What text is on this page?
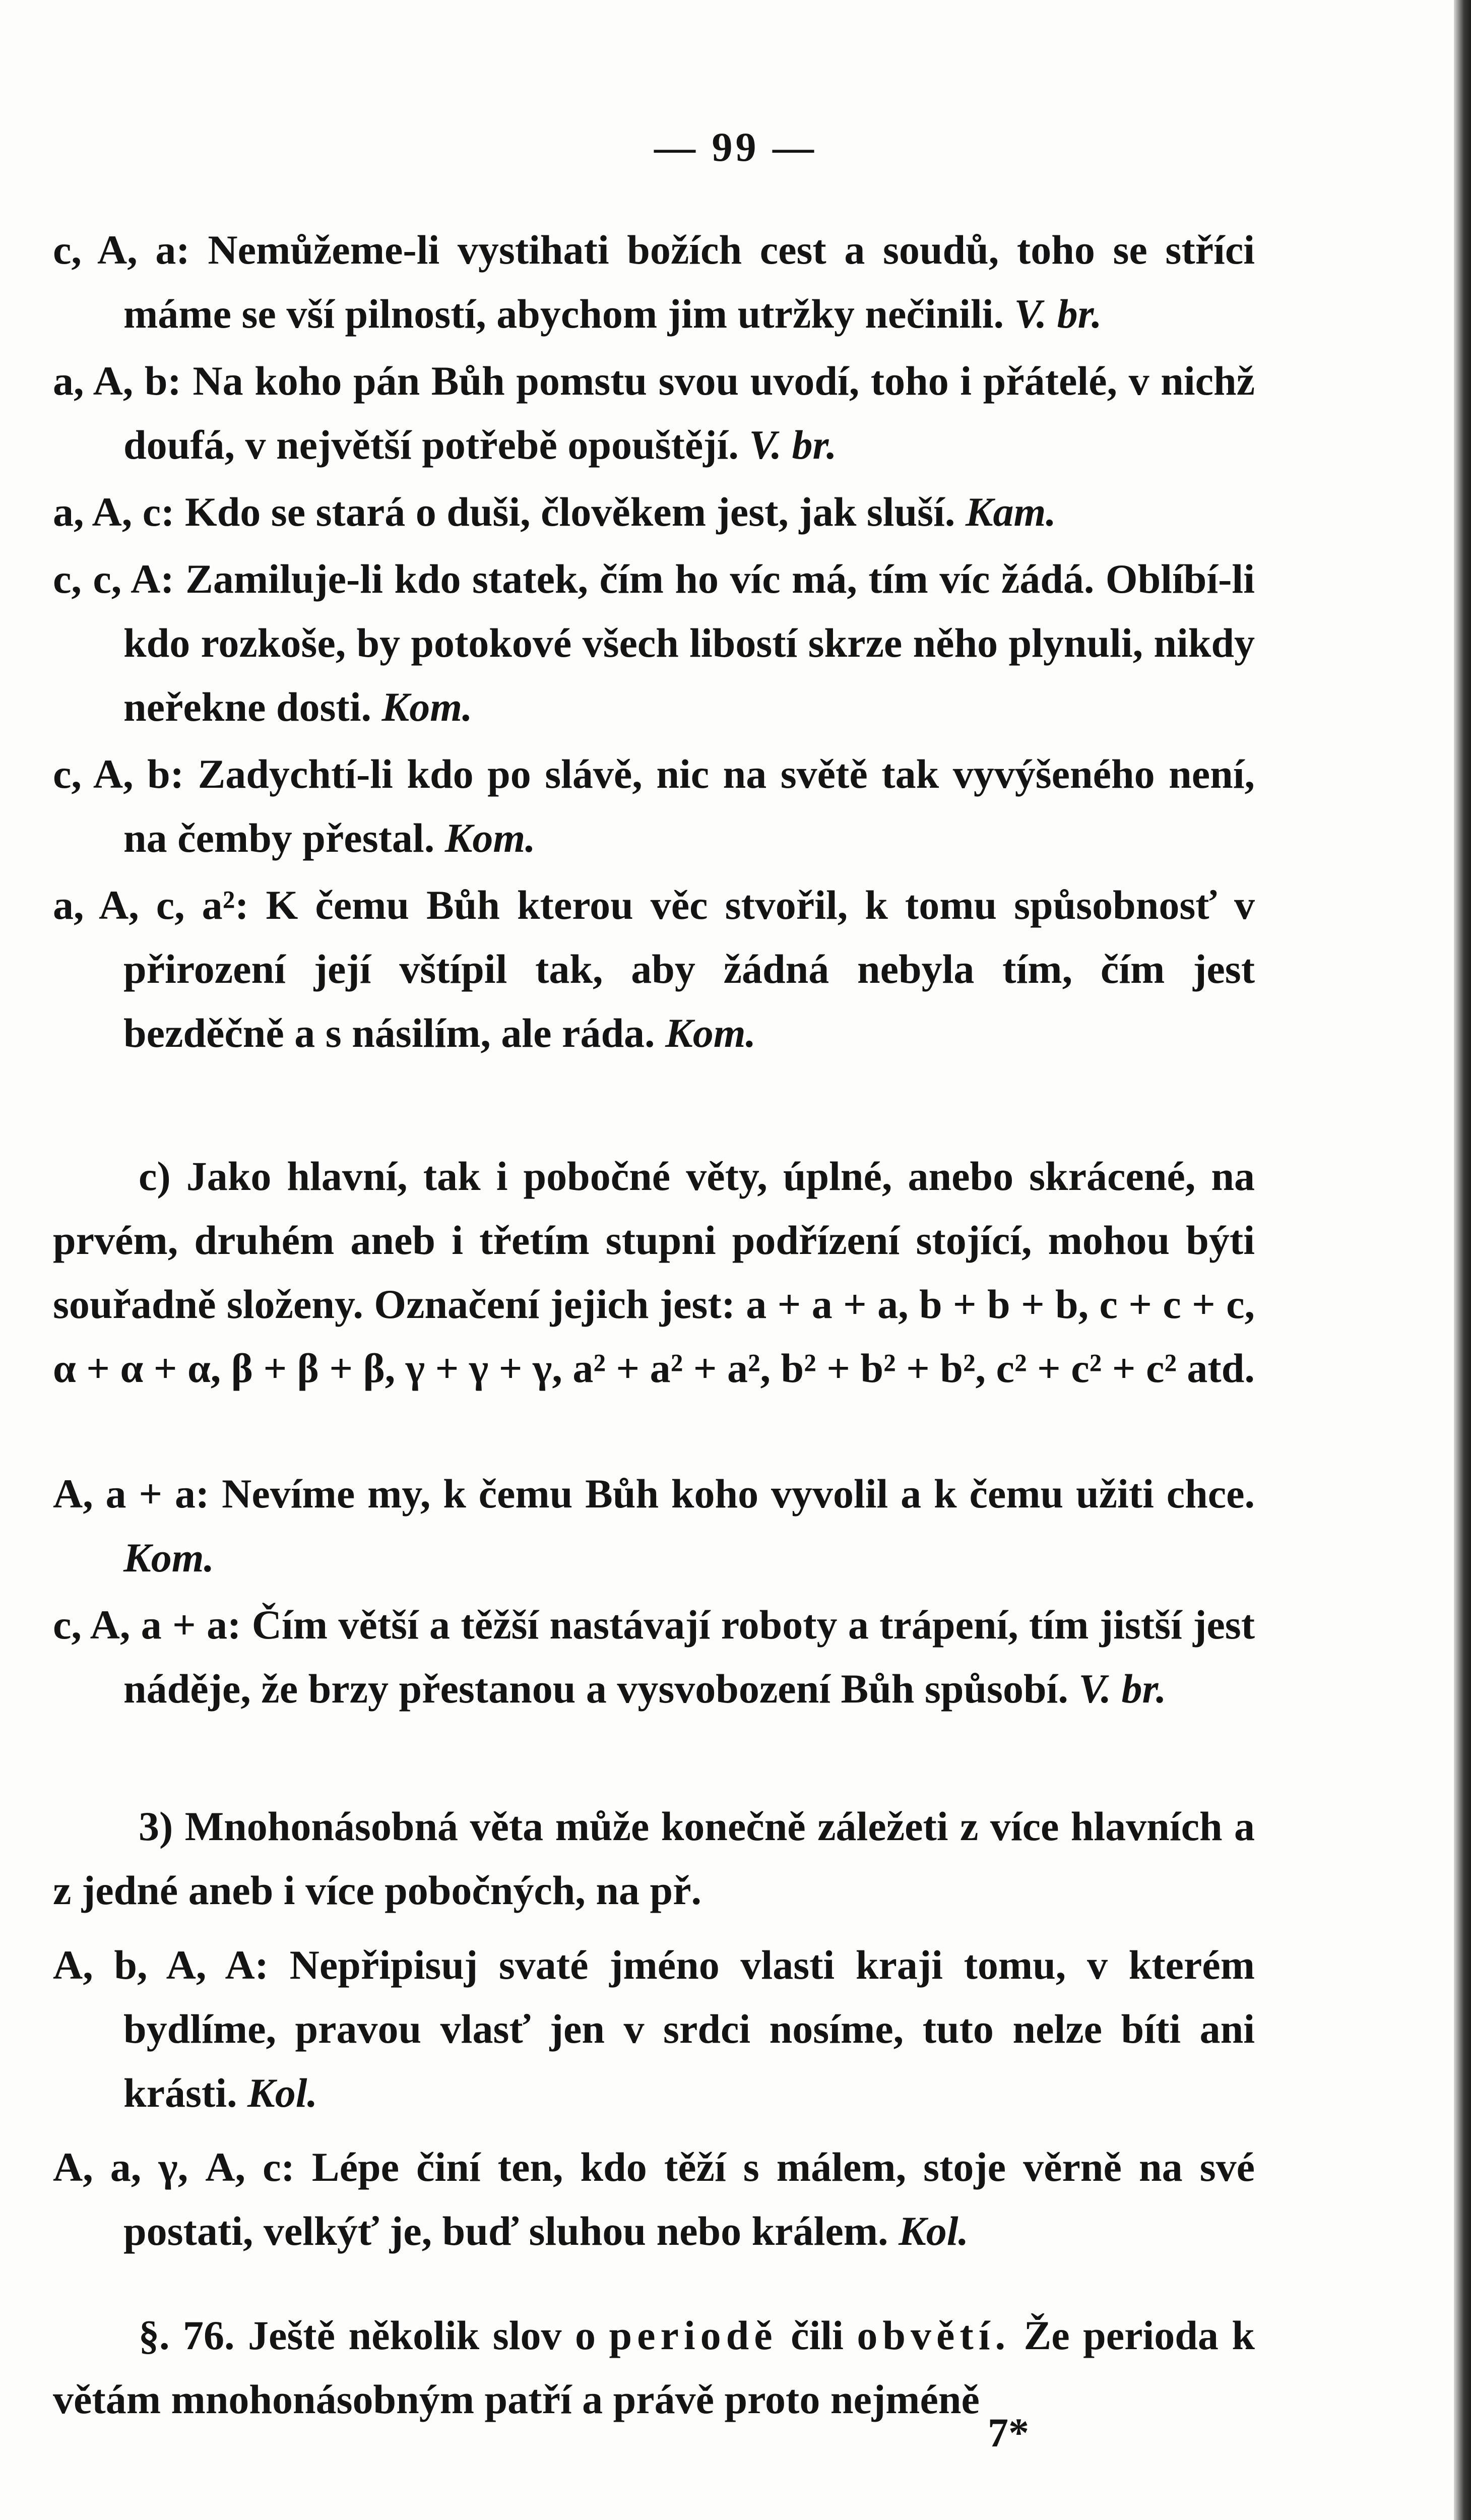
— 99 —

c, A, a: Nemůžeme-li vystihati božích cest a soudů, toho se stříci máme se vší pilností, abychom jim utržky nečinili. V. br.

a, A, b: Na koho pán Bůh pomstu svou uvodí, toho i přátelé, v nichž doufá, v největší potřebě opouštějí. V. br.

a, A, c: Kdo se stará o duši, člověkem jest, jak sluší. Kam.

c, c, A: Zamiluje-li kdo statek, čím ho víc má, tím víc žádá. Oblíbí-li kdo rozkoše, by potokové všech libostí skrze něho plynuli, nikdy neřekne dosti. Kom.

c, A, b: Zadychtí-li kdo po slávě, nic na světě tak vyvýšeného není, na čemby přestal. Kom.

a, A, c, a²: K čemu Bůh kterou věc stvořil, k tomu spůsobnosť v přirození její vštípil tak, aby žádná nebyla tím, čím jest bezděčně a s násilím, ale ráda. Kom.

c) Jako hlavní, tak i pobočné věty, úplné, anebo skrácené, na prvém, druhém aneb i třetím stupni podřízení stojící, mohou býti souřadně složeny. Označení jejich jest: a + a + a, b + b + b, c + c + c, α + α + α, β + β + β, γ + γ + γ, a² + a² + a², b² + b² + b², c² + c² + c² atd.

A, a + a: Nevíme my, k čemu Bůh koho vyvolil a k čemu užiti chce. Kom.

c, A, a + a: Čím větší a těžší nastávají roboty a trápení, tím jistší jest náděje, že brzy přestanou a vysvobození Bůh spůsobí. V. br.

3) Mnohonásobná věta může konečně záležeti z více hlavních a z jedné aneb i více pobočných, na př.

A, b, A, A: Nepřipisuj svaté jméno vlasti kraji tomu, v kterém bydlíme, pravou vlasť jen v srdci nosíme, tuto nelze bíti ani krásti. Kol.

A, a, γ, A, c: Lépe činí ten, kdo těží s málem, stoje věrně na své postati, velkýť je, buď sluhou nebo králem. Kol.

§. 76. Ještě několik slov o periodě čili obvětí. Že perioda k větám mnohonásobným patří a právě proto nejméně

7*
